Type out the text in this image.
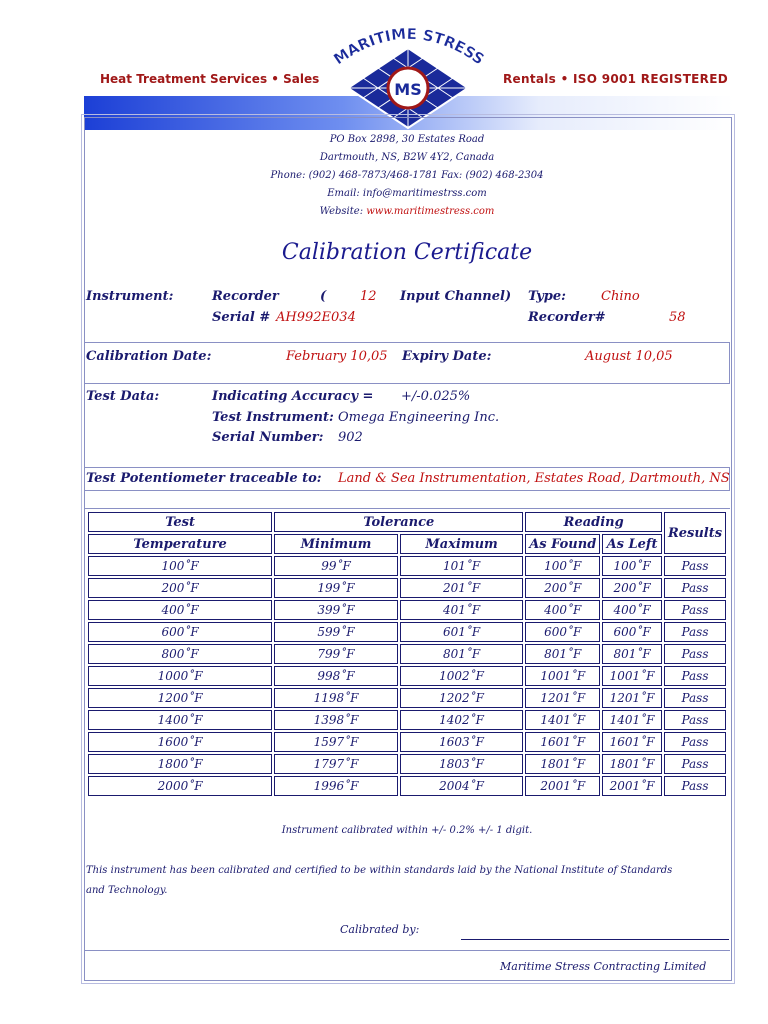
Heat Treatment Services • Sales	Rentals • ISO 9001 REGISTERED
MS
MARITIME STRESS
PO Box 2898, 30 Estates Road
Dartmouth, NS, B2W 4Y2, Canada
Phone: (902) 468-7873/468-1781 Fax: (902) 468-2304
Email: info@maritimestrss.com
Website: www.maritimestress.com
Calibration Certificate
Instrument:	Recorder	(	12 Input Channel) Type:	Chino
Serial # AH992E034	Recorder#	58
Calibration Date:	February 10,05 Expiry Date:	August 10,05
Test Data:	Indicating Accuracy = +/-0.025%
Test Instrument: Omega Engineering Inc.
Serial Number: 902
Test Potentiometer traceable to: Land & Sea Instrumentation, Estates Road, Dartmouth, NS
Test	Tolerance		Reading		Results
Temperature	Minimum	Maximum	As Found	As Left	
100˚F	99˚F	101˚F	100˚F	100˚F	Pass
200˚F	199˚F	201˚F	200˚F	200˚F	Pass
400˚F	399˚F	401˚F	400˚F	400˚F	Pass
600˚F	599˚F	601˚F	600˚F	600˚F	Pass
800˚F	799˚F	801˚F	801˚F	801˚F	Pass
1000˚F	998˚F	1002˚F	1001˚F	1001˚F	Pass
1200˚F	1198˚F	1202˚F	1201˚F	1201˚F	Pass
1400˚F	1398˚F	1402˚F	1401˚F	1401˚F	Pass
1600˚F	1597˚F	1603˚F	1601˚F	1601˚F	Pass
1800˚F	1797˚F	1803˚F	1801˚F	1801˚F	Pass
2000˚F	1996˚F	2004˚F	2001˚F	2001˚F	Pass
Instrument calibrated within +/- 0.2% +/- 1 digit.
This instrument has been calibrated and certified to be within standards laid by the National Institute of Standards
and Technology.
Calibrated by:
Maritime Stress Contracting Limited
